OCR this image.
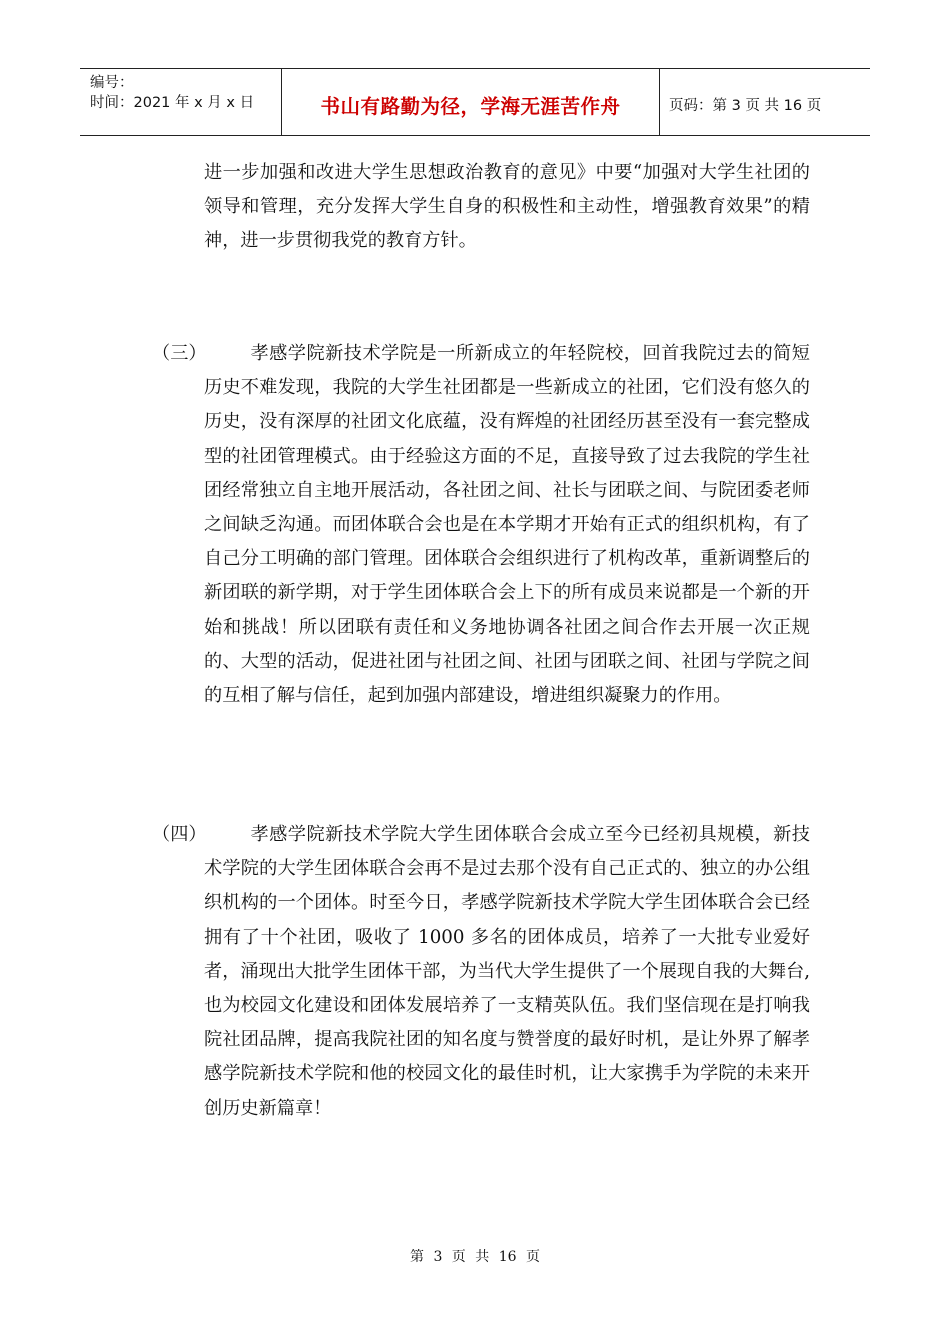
编号：
时间：2021 年 x 月 x 日	书山有路勤为径，学海无涯苦作舟	页码：第 3 页 共 16 页
进一步加强和改进大学生思想政治教育的意见》中要“加强对大学生社团的领导和管理，充分发挥大学生自身的积极性和主动性，增强教育效果”的精神，进一步贯彻我党的教育方针。
（三）	孝感学院新技术学院是一所新成立的年轻院校，回首我院过去的简短历史不难发现，我院的大学生社团都是一些新成立的社团，它们没有悠久的历史，没有深厚的社团文化底蕴，没有辉煌的社团经历甚至没有一套完整成型的社团管理模式。由于经验这方面的不足，直接导致了过去我院的学生社团经常独立自主地开展活动，各社团之间、社长与团联之间、与院团委老师之间缺乏沟通。而团体联合会也是在本学期才开始有正式的组织机构，有了自己分工明确的部门管理。团体联合会组织进行了机构改革，重新调整后的新团联的新学期，对于学生团体联合会上下的所有成员来说都是一个新的开始和挑战！所以团联有责任和义务地协调各社团之间合作去开展一次正规的、大型的活动，促进社团与社团之间、社团与团联之间、社团与学院之间的互相了解与信任，起到加强内部建设，增进组织凝聚力的作用。
（四）	孝感学院新技术学院大学生团体联合会成立至今已经初具规模，新技术学院的大学生团体联合会再不是过去那个没有自己正式的、独立的办公组织机构的一个团体。时至今日，孝感学院新技术学院大学生团体联合会已经拥有了十个社团，吸收了 1000 多名的团体成员，培养了一大批专业爱好者，涌现出大批学生团体干部，为当代大学生提供了一个展现自我的大舞台, 也为校园文化建设和团体发展培养了一支精英队伍。我们坚信现在是打响我院社团品牌，提高我院社团的知名度与赞誉度的最好时机，是让外界了解孝感学院新技术学院和他的校园文化的最佳时机，让大家携手为学院的未来开创历史新篇章！
第 3 页 共 16 页
